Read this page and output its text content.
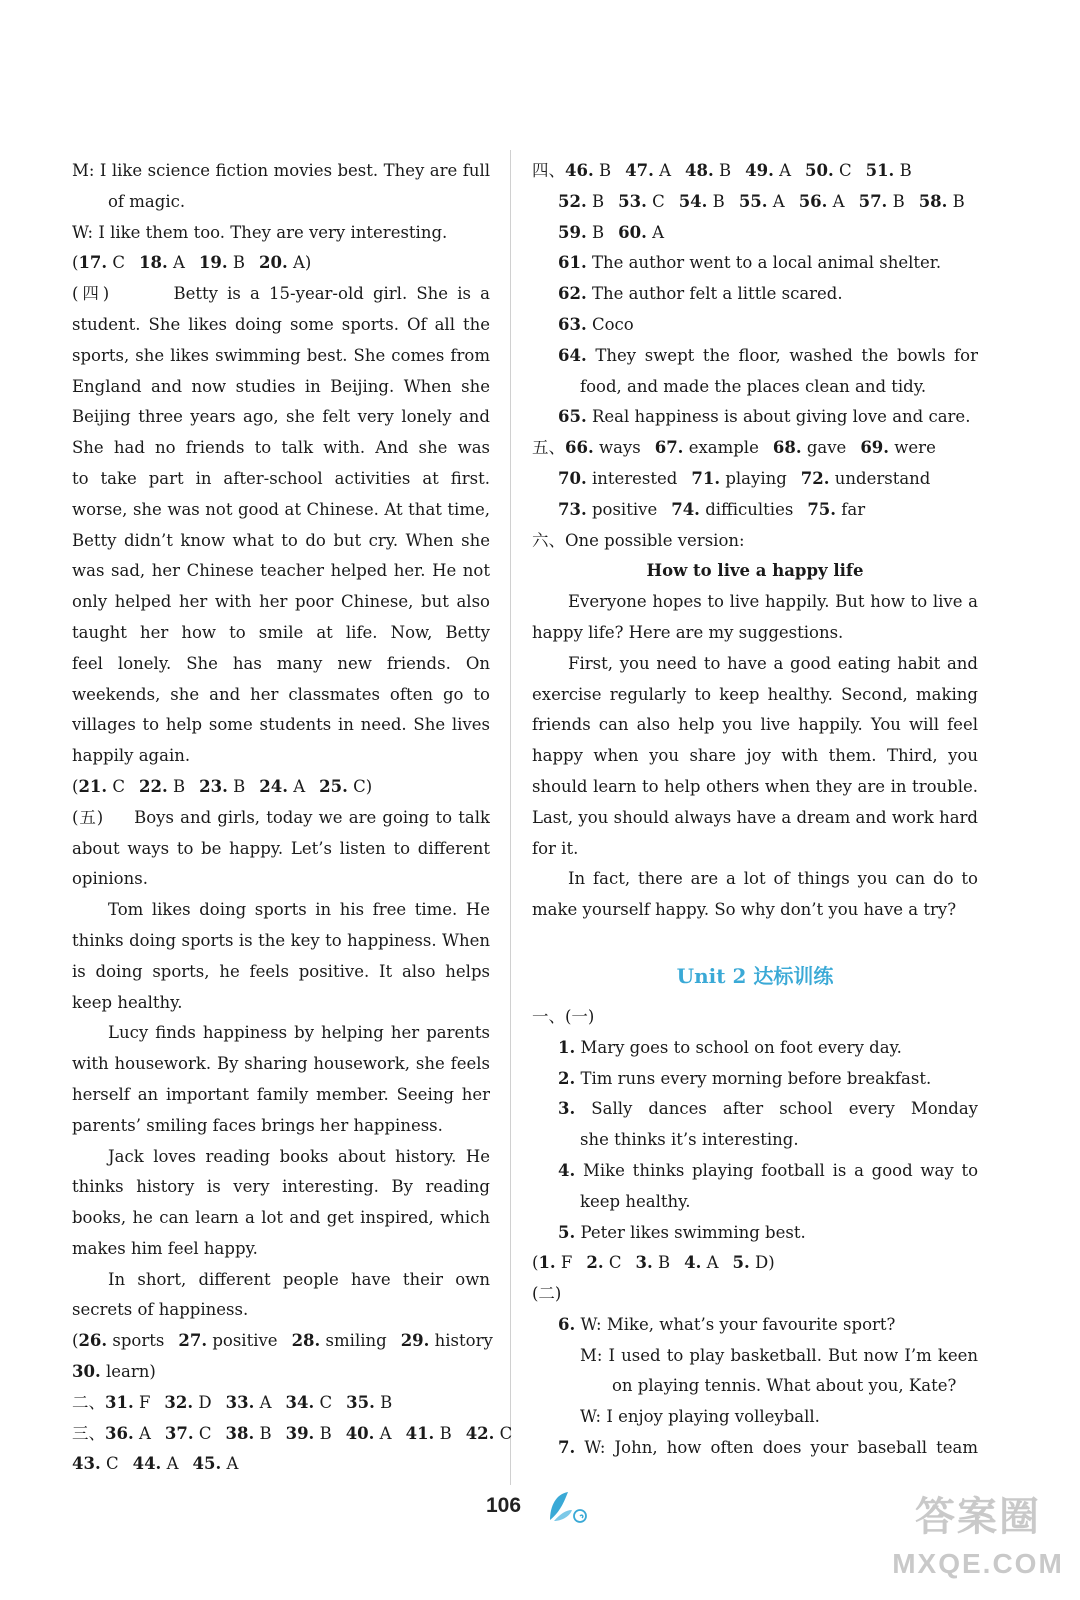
M: I like science fiction movies best. They are full
of magic.
W: I like them too. They are very interesting.
(17. C 18. A 19. B 20. A)
(四)	Betty is a 15-year-old girl. She is a
student. She likes doing some sports. Of all the
sports, she likes swimming best. She comes from
England and now studies in Beijing. When she
Beijing three years ago, she felt very lonely and
She had no friends to talk with. And she was
to take part in after-school activities at first.
worse, she was not good at Chinese. At that time,
Betty didn’t know what to do but cry. When she
was sad, her Chinese teacher helped her. He not
only helped her with her poor Chinese, but also
taught her how to smile at life. Now, Betty
feel lonely. She has many new friends. On
weekends, she and her classmates often go to
villages to help some students in need. She lives
happily again.
(21. C 22. B 23. B 24. A 25. C)
(五) Boys and girls, today we are going to talk
about ways to be happy. Let’s listen to different
opinions.
Tom likes doing sports in his free time. He
thinks doing sports is the key to happiness. When
is doing sports, he feels positive. It also helps
keep healthy.
Lucy finds happiness by helping her parents
with housework. By sharing housework, she feels
herself an important family member. Seeing her
parents’ smiling faces brings her happiness.
Jack loves reading books about history. He
thinks history is very interesting. By reading
books, he can learn a lot and get inspired, which
makes him feel happy.
In short, different people have their own
secrets of happiness.
(26. sports 27. positive 28. smiling 29. history
30. learn)
二、31. F 32. D 33. A 34. C 35. B
三、36. A 37. C 38. B 39. B 40. A 41. B 42. C
43. C 44. A 45. A
四、46. B 47. A 48. B 49. A 50. C 51. B
52. B 53. C 54. B 55. A 56. A 57. B 58. B
59. B 60. A
61. The author went to a local animal shelter.
62. The author felt a little scared.
63. Coco
64. They swept the floor, washed the bowls for
food, and made the places clean and tidy.
65. Real happiness is about giving love and care.
五、66. ways 67. example 68. gave 69. were
70. interested 71. playing 72. understand
73. positive 74. difficulties 75. far
六、One possible version:
How to live a happy life
Everyone hopes to live happily. But how to live a
happy life? Here are my suggestions.
First, you need to have a good eating habit and
exercise regularly to keep healthy. Second, making
friends can also help you live happily. You will feel
happy when you share joy with them. Third, you
should learn to help others when they are in trouble.
Last, you should always have a dream and work hard
for it.
In fact, there are a lot of things you can do to
make yourself happy. So why don’t you have a try?
Unit 2 达标训练
一、(一)
1. Mary goes to school on foot every day.
2. Tim runs every morning before breakfast.
3. Sally dances after school every Monday
she thinks it’s interesting.
4. Mike thinks playing football is a good way to
keep healthy.
5. Peter likes swimming best.
(1. F 2. C 3. B 4. A 5. D)
(二)
6. W: Mike, what’s your favourite sport?
M: I used to play basketball. But now I’m keen
on playing tennis. What about you, Kate?
W: I enjoy playing volleyball.
7. W: John, how often does your baseball team
106	答案圈
MXQE.COM
